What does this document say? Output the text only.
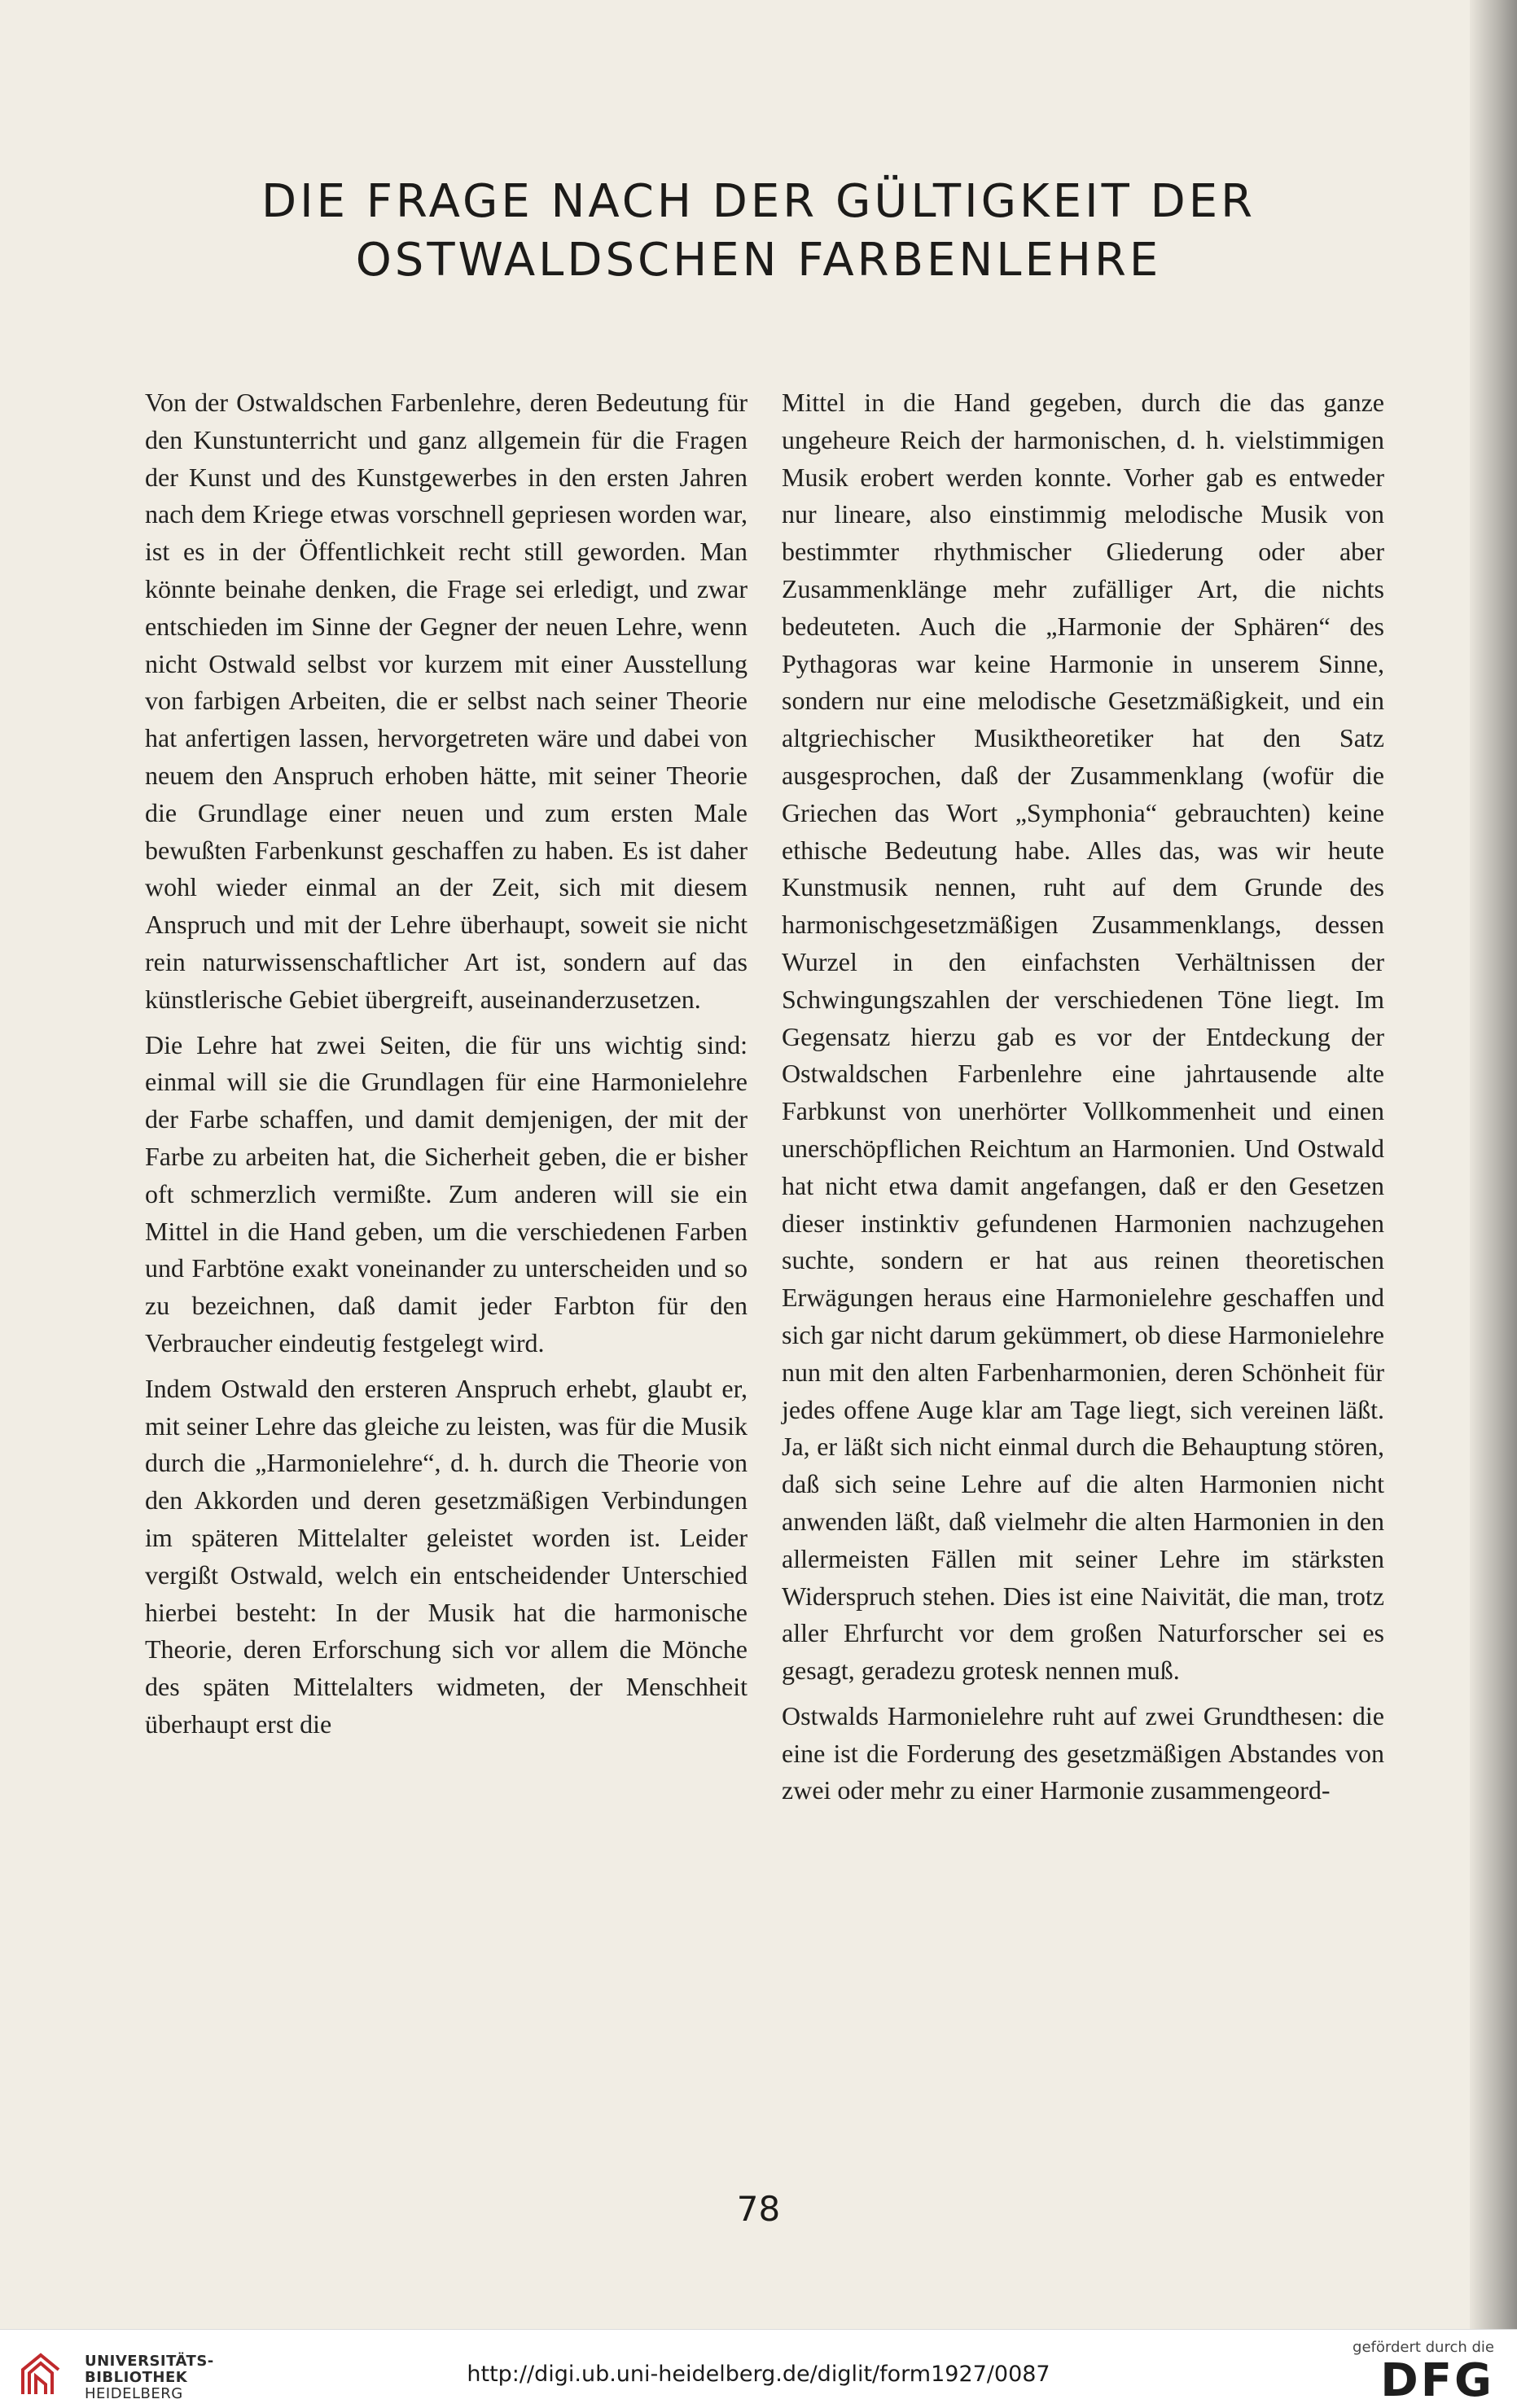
DIE FRAGE NACH DER GÜLTIGKEIT DER
OSTWALDSCHEN FARBENLEHRE

Von der Ostwaldschen Farbenlehre, deren Bedeutung für den Kunstunterricht und ganz allgemein für die Fragen der Kunst und des Kunstgewerbes in den ersten Jahren nach dem Kriege etwas vorschnell gepriesen worden war, ist es in der Öffentlichkeit recht still geworden. Man könnte beinahe denken, die Frage sei erledigt, und zwar entschieden im Sinne der Gegner der neuen Lehre, wenn nicht Ostwald selbst vor kurzem mit einer Ausstellung von farbigen Arbeiten, die er selbst nach seiner Theorie hat anfertigen lassen, hervorgetreten wäre und dabei von neuem den Anspruch erhoben hätte, mit seiner Theorie die Grundlage einer neuen und zum ersten Male bewußten Farbenkunst geschaffen zu haben. Es ist daher wohl wieder einmal an der Zeit, sich mit diesem Anspruch und mit der Lehre überhaupt, soweit sie nicht rein naturwissenschaftlicher Art ist, sondern auf das künstlerische Gebiet übergreift, auseinanderzusetzen.

Die Lehre hat zwei Seiten, die für uns wichtig sind: einmal will sie die Grundlagen für eine Harmonielehre der Farbe schaffen, und damit demjenigen, der mit der Farbe zu arbeiten hat, die Sicherheit geben, die er bisher oft schmerzlich vermißte. Zum anderen will sie ein Mittel in die Hand geben, um die verschiedenen Farben und Farbtöne exakt voneinander zu unterscheiden und so zu bezeichnen, daß damit jeder Farbton für den Verbraucher eindeutig festgelegt wird.

Indem Ostwald den ersteren Anspruch erhebt, glaubt er, mit seiner Lehre das gleiche zu leisten, was für die Musik durch die „Harmonielehre“, d. h. durch die Theorie von den Akkorden und deren gesetzmäßigen Verbindungen im späteren Mittelalter geleistet worden ist. Leider vergißt Ostwald, welch ein entscheidender Unterschied hierbei besteht: In der Musik hat die harmonische Theorie, deren Erforschung sich vor allem die Mönche des späten Mittelalters widmeten, der Menschheit überhaupt erst die

Mittel in die Hand gegeben, durch die das ganze ungeheure Reich der harmonischen, d. h. vielstimmigen Musik erobert werden konnte. Vorher gab es entweder nur lineare, also einstimmig melodische Musik von bestimmter rhythmischer Gliederung oder aber Zusammenklänge mehr zufälliger Art, die nichts bedeuteten. Auch die „Harmonie der Sphären“ des Pythagoras war keine Harmonie in unserem Sinne, sondern nur eine melodische Gesetzmäßigkeit, und ein altgriechischer Musiktheoretiker hat den Satz ausgesprochen, daß der Zusammenklang (wofür die Griechen das Wort „Symphonia“ gebrauchten) keine ethische Bedeutung habe. Alles das, was wir heute Kunstmusik nennen, ruht auf dem Grunde des harmonischgesetzmäßigen Zusammenklangs, dessen Wurzel in den einfachsten Verhältnissen der Schwingungszahlen der verschiedenen Töne liegt. Im Gegensatz hierzu gab es vor der Entdeckung der Ostwaldschen Farbenlehre eine jahrtausende alte Farbkunst von unerhörter Vollkommenheit und einen unerschöpflichen Reichtum an Harmonien. Und Ostwald hat nicht etwa damit angefangen, daß er den Gesetzen dieser instinktiv gefundenen Harmonien nachzugehen suchte, sondern er hat aus reinen theoretischen Erwägungen heraus eine Harmonielehre geschaffen und sich gar nicht darum gekümmert, ob diese Harmonielehre nun mit den alten Farbenharmonien, deren Schönheit für jedes offene Auge klar am Tage liegt, sich vereinen läßt. Ja, er läßt sich nicht einmal durch die Behauptung stören, daß sich seine Lehre auf die alten Harmonien nicht anwenden läßt, daß vielmehr die alten Harmonien in den allermeisten Fällen mit seiner Lehre im stärksten Widerspruch stehen. Dies ist eine Naivität, die man, trotz aller Ehrfurcht vor dem großen Naturforscher sei es gesagt, geradezu grotesk nennen muß.

Ostwalds Harmonielehre ruht auf zwei Grundthesen: die eine ist die Forderung des gesetzmäßigen Abstandes von zwei oder mehr zu einer Harmonie zusammengeord-

78
UNIVERSITÄTS-
BIBLIOTHEK
HEIDELBERG
http://digi.ub.uni-heidelberg.de/diglit/form1927/0087
gefördert durch die
DFG
